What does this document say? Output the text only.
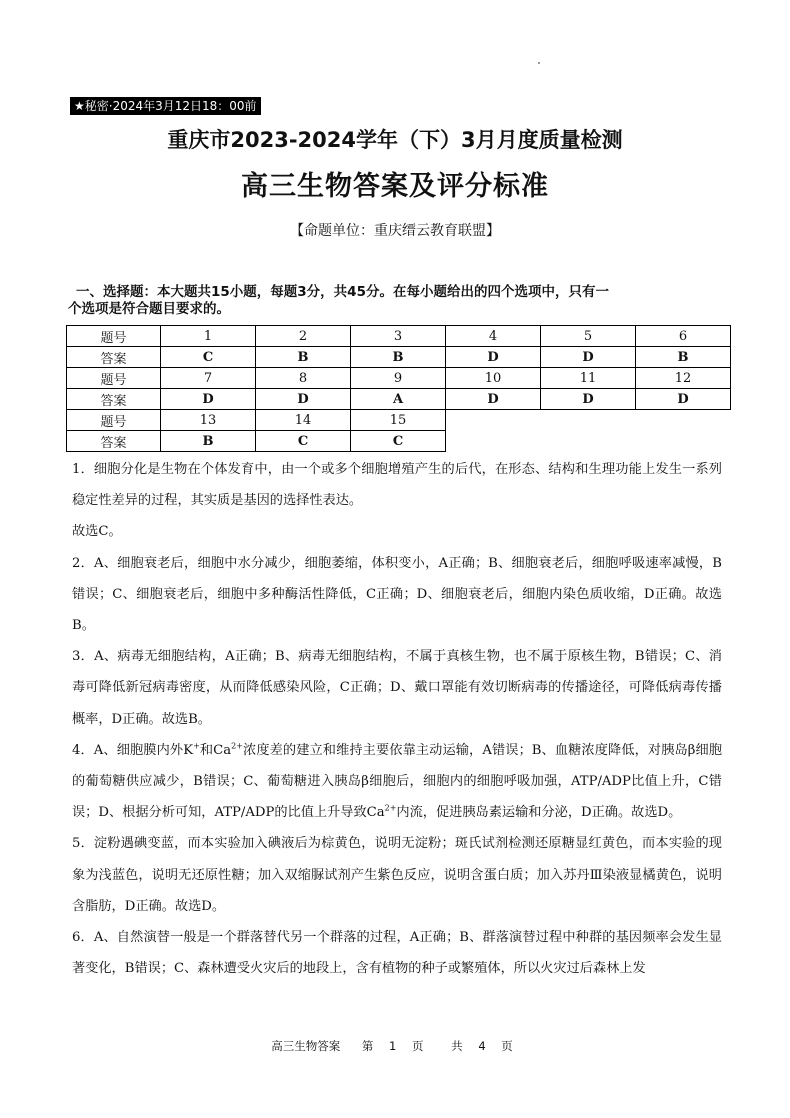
★秘密·2024年3月12日18：00前
重庆市2023-2024学年（下）3月月度质量检测
高三生物答案及评分标准
【命题单位：重庆缙云教育联盟】
一、选择题：本大题共15小题，每题3分，共45分。在每小题给出的四个选项中，只有一
个选项是符合题目要求的。
题号	1	2	3	4	5	6
答案	C	B	B	D	D	B
题号	7	8	9	10	11	12
答案	D	D	A	D	D	D
题号	13	14	15			
答案	B	C	C			

1．细胞分化是生物在个体发育中，由一个或多个细胞增殖产生的后代，在形态、结构和生理功能上发生一系列稳定性差异的过程，其实质是基因的选择性表达。

故选C。

2．A、细胞衰老后，细胞中水分减少，细胞萎缩，体积变小，A正确；B、细胞衰老后，细胞呼吸速率减慢，B错误；C、细胞衰老后，细胞中多种酶活性降低，C正确；D、细胞衰老后，细胞内染色质收缩，D正确。故选B。

3．A、病毒无细胞结构，A正确；B、病毒无细胞结构，不属于真核生物，也不属于原核生物，B错误；C、消毒可降低新冠病毒密度，从而降低感染风险，C正确；D、戴口罩能有效切断病毒的传播途径，可降低病毒传播概率，D正确。故选B。

4．A、细胞膜内外K+和$Ca^{2+}$浓度差的建立和维持主要依靠主动运输，A错误；B、血糖浓度降低，对胰岛β细胞的葡萄糖供应减少，B错误；C、葡萄糖进入胰岛β细胞后，细胞内的细胞呼吸加强，ATP/ADP比值上升，C错误；D、根据分析可知，ATP/ADP的比值上升导致$Ca^{2+}$内流，促进胰岛素运输和分泌，D正确。故选D。

5．淀粉遇碘变蓝，而本实验加入碘液后为棕黄色，说明无淀粉；斑氏试剂检测还原糖显红黄色，而本实验的现象为浅蓝色，说明无还原性糖；加入双缩脲试剂产生紫色反应，说明含蛋白质；加入苏丹Ⅲ染液显橘黄色，说明含脂肪，D正确。故选D。

6．A、自然演替一般是一个群落替代另一个群落的过程，A正确；B、群落演替过程中种群的基因频率会发生显著变化，B错误；C、森林遭受火灾后的地段上，含有植物的种子或繁殖体，所以火灾过后森林上发

高三生物答案 第 1 页 共 4 页
